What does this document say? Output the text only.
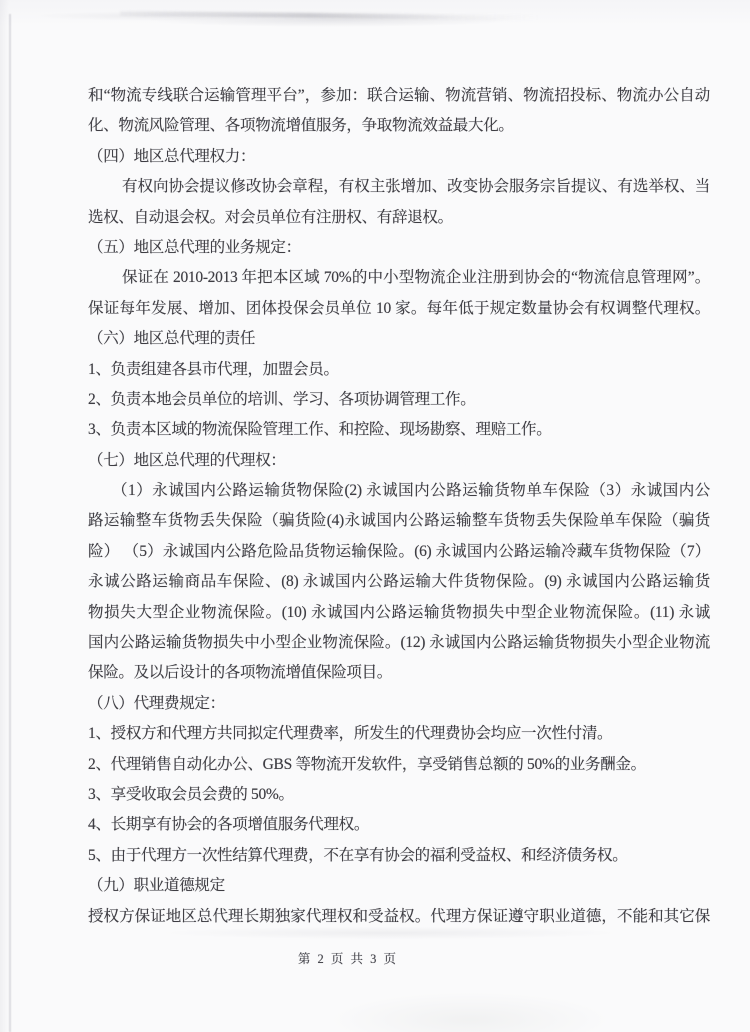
和“物流专线联合运输管理平台”，参加：联合运输、物流营销、物流招投标、物流办公自动
化、物流风险管理、各项物流增值服务，争取物流效益最大化。
（四）地区总代理权力：
有权向协会提议修改协会章程，有权主张增加、改变协会服务宗旨提议、有选举权、当
选权、自动退会权。对会员单位有注册权、有辞退权。
（五）地区总代理的业务规定：
保证在 2010-2013 年把本区域 70%的中小型物流企业注册到协会的“物流信息管理网”。
保证每年发展、增加、团体投保会员单位 10 家。每年低于规定数量协会有权调整代理权。
（六）地区总代理的责任
1、负责组建各县市代理，加盟会员。
2、负责本地会员单位的培训、学习、各项协调管理工作。
3、负责本区域的物流保险管理工作、和控险、现场勘察、理赔工作。
（七）地区总代理的代理权：
（1）永诚国内公路运输货物保险(2) 永诚国内公路运输货物单车保险（3）永诚国内公
路运输整车货物丢失保险（骗货险(4)永诚国内公路运输整车货物丢失保险单车保险（骗货
险） （5）永诚国内公路危险品货物运输保险。(6) 永诚国内公路运输冷藏车货物保险（7）
永诚公路运输商品车保险、(8) 永诚国内公路运输大件货物保险。(9) 永诚国内公路运输货
物损失大型企业物流保险。(10) 永诚国内公路运输货物损失中型企业物流保险。(11) 永诚
国内公路运输货物损失中小型企业物流保险。(12) 永诚国内公路运输货物损失小型企业物流
保险。及以后设计的各项物流增值保险项目。
（八）代理费规定：
1、授权方和代理方共同拟定代理费率，所发生的代理费协会均应一次性付清。
2、代理销售自动化办公、GBS 等物流开发软件，享受销售总额的 50%的业务酬金。
3、享受收取会员会费的 50%。
4、长期享有协会的各项增值服务代理权。
5、由于代理方一次性结算代理费，不在享有协会的福利受益权、和经济债务权。
（九）职业道德规定
授权方保证地区总代理长期独家代理权和受益权。代理方保证遵守职业道德，不能和其它保
第 2 页 共 3 页
